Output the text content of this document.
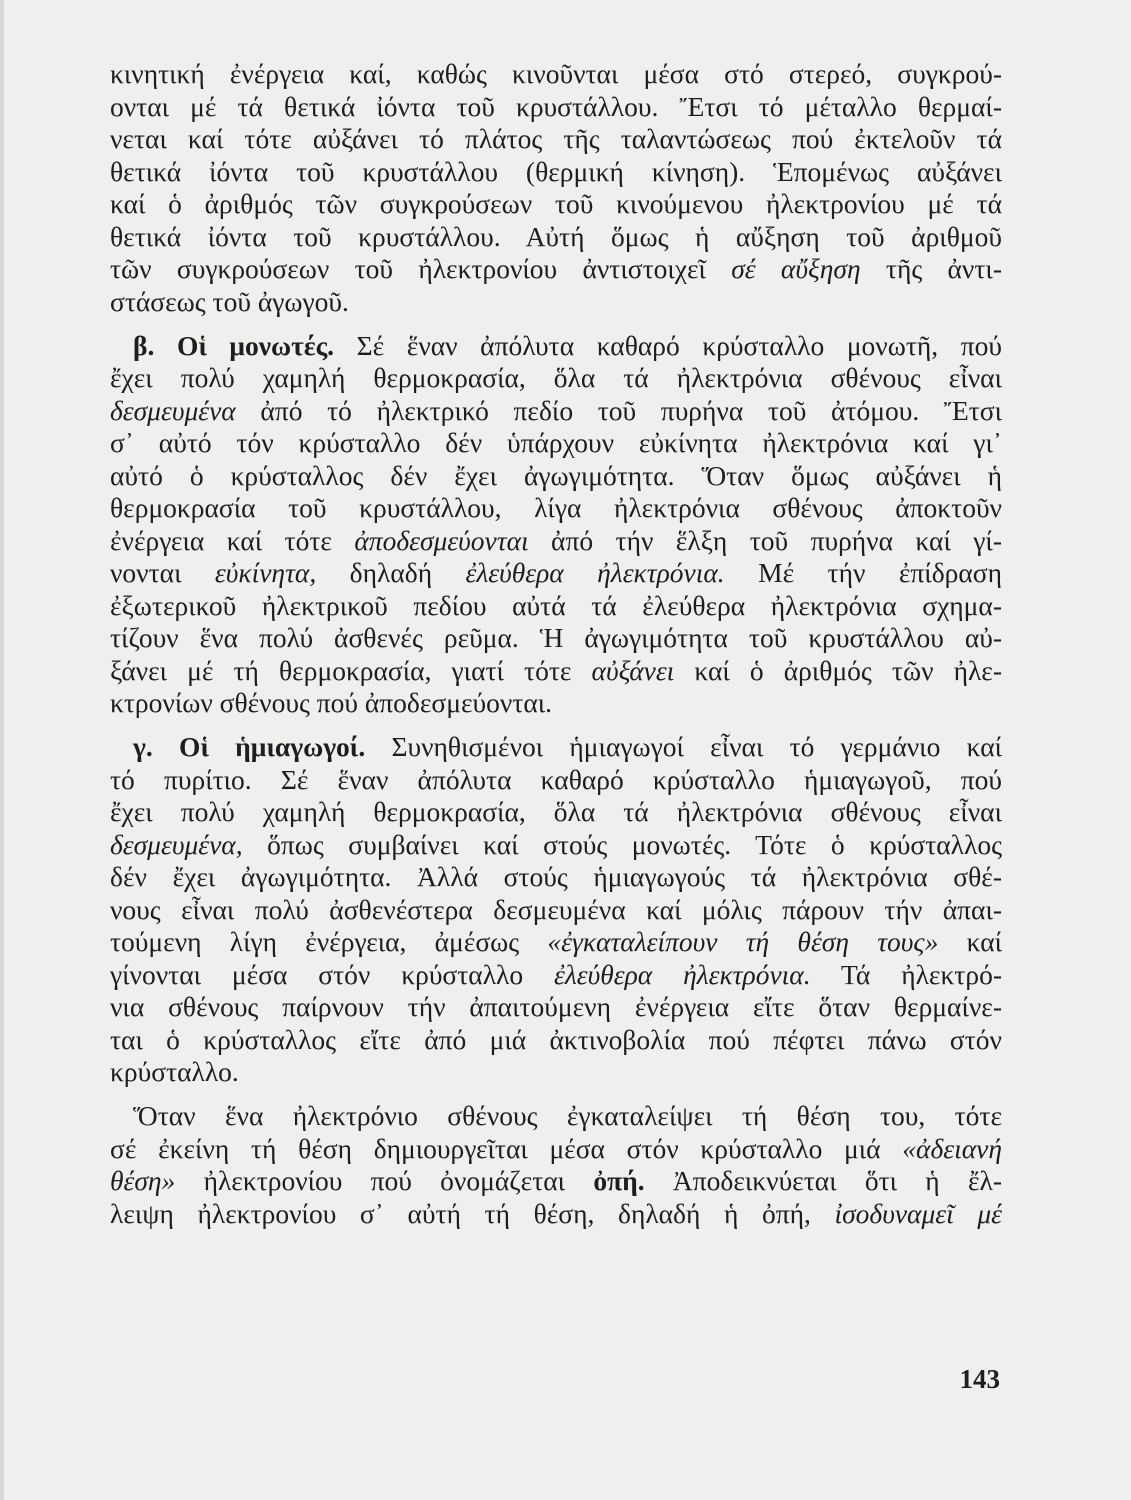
κινητική ἐνέργεια καί, καθώς κινοῦνται μέσα στό στερεό, συγκρού-
ονται μέ τά θετικά ἰόντα τοῦ κρυστάλλου. Ἔτσι τό μέταλλο θερμαί-
νεται καί τότε αὐξάνει τό πλάτος τῆς ταλαντώσεως πού ἐκτελοῦν τά
θετικά ἰόντα τοῦ κρυστάλλου (θερμική κίνηση). Ἑπομένως αὐξάνει
καί ὁ ἀριθμός τῶν συγκρούσεων τοῦ κινούμενου ἠλεκτρονίου μέ τά
θετικά ἰόντα τοῦ κρυστάλλου. Αὐτή ὅμως ἡ αὔξηση τοῦ ἀριθμοῦ
τῶν συγκρούσεων τοῦ ἠλεκτρονίου ἀντιστοιχεῖ σέ αὔξηση τῆς ἀντι-
στάσεως τοῦ ἀγωγοῦ.
β. Οἱ μονωτές. Σέ ἕναν ἀπόλυτα καθαρό κρύσταλλο μονωτῆ, πού
ἔχει πολύ χαμηλή θερμοκρασία, ὅλα τά ἠλεκτρόνια σθένους εἶναι
δεσμευμένα ἀπό τό ἠλεκτρικό πεδίο τοῦ πυρήνα τοῦ ἀτόμου. Ἔτσι
σ᾽ αὐτό τόν κρύσταλλο δέν ὑπάρχουν εὐκίνητα ἠλεκτρόνια καί γι᾽
αὐτό ὁ κρύσταλλος δέν ἔχει ἀγωγιμότητα. Ὅταν ὅμως αὐξάνει ἡ
θερμοκρασία τοῦ κρυστάλλου, λίγα ἠλεκτρόνια σθένους ἀποκτοῦν
ἐνέργεια καί τότε ἀποδεσμεύονται ἀπό τήν ἕλξη τοῦ πυρήνα καί γί-
νονται εὐκίνητα, δηλαδή ἐλεύθερα ἠλεκτρόνια. Μέ τήν ἐπίδραση
ἐξωτερικοῦ ἠλεκτρικοῦ πεδίου αὐτά τά ἐλεύθερα ἠλεκτρόνια σχημα-
τίζουν ἕνα πολύ ἀσθενές ρεῦμα. Ἡ ἀγωγιμότητα τοῦ κρυστάλλου αὐ-
ξάνει μέ τή θερμοκρασία, γιατί τότε αὐξάνει καί ὁ ἀριθμός τῶν ἠλε-
κτρονίων σθένους πού ἀποδεσμεύονται.
γ. Οἱ ἡμιαγωγοί. Συνηθισμένοι ἡμιαγωγοί εἶναι τό γερμάνιο καί
τό πυρίτιο. Σέ ἕναν ἀπόλυτα καθαρό κρύσταλλο ἡμιαγωγοῦ, πού
ἔχει πολύ χαμηλή θερμοκρασία, ὅλα τά ἠλεκτρόνια σθένους εἶναι
δεσμευμένα, ὅπως συμβαίνει καί στούς μονωτές. Τότε ὁ κρύσταλλος
δέν ἔχει ἀγωγιμότητα. Ἀλλά στούς ἡμιαγωγούς τά ἠλεκτρόνια σθέ-
νους εἶναι πολύ ἀσθενέστερα δεσμευμένα καί μόλις πάρουν τήν ἀπαι-
τούμενη λίγη ἐνέργεια, ἀμέσως «ἐγκαταλείπουν τή θέση τους» καί
γίνονται μέσα στόν κρύσταλλο ἐλεύθερα ἠλεκτρόνια. Τά ἠλεκτρό-
νια σθένους παίρνουν τήν ἀπαιτούμενη ἐνέργεια εἴτε ὅταν θερμαίνε-
ται ὁ κρύσταλλος εἴτε ἀπό μιά ἀκτινοβολία πού πέφτει πάνω στόν
κρύσταλλο.
Ὅταν ἕνα ἠλεκτρόνιο σθένους ἐγκαταλείψει τή θέση του, τότε
σέ ἐκείνη τή θέση δημιουργεῖται μέσα στόν κρύσταλλο μιά «ἀδειανή
θέση» ἠλεκτρονίου πού ὀνομάζεται ὀπή. Ἀποδεικνύεται ὅτι ἡ ἔλ-
λειψη ἠλεκτρονίου σ᾽ αὐτή τή θέση, δηλαδή ἡ ὀπή, ἰσοδυναμεῖ μέ
143
